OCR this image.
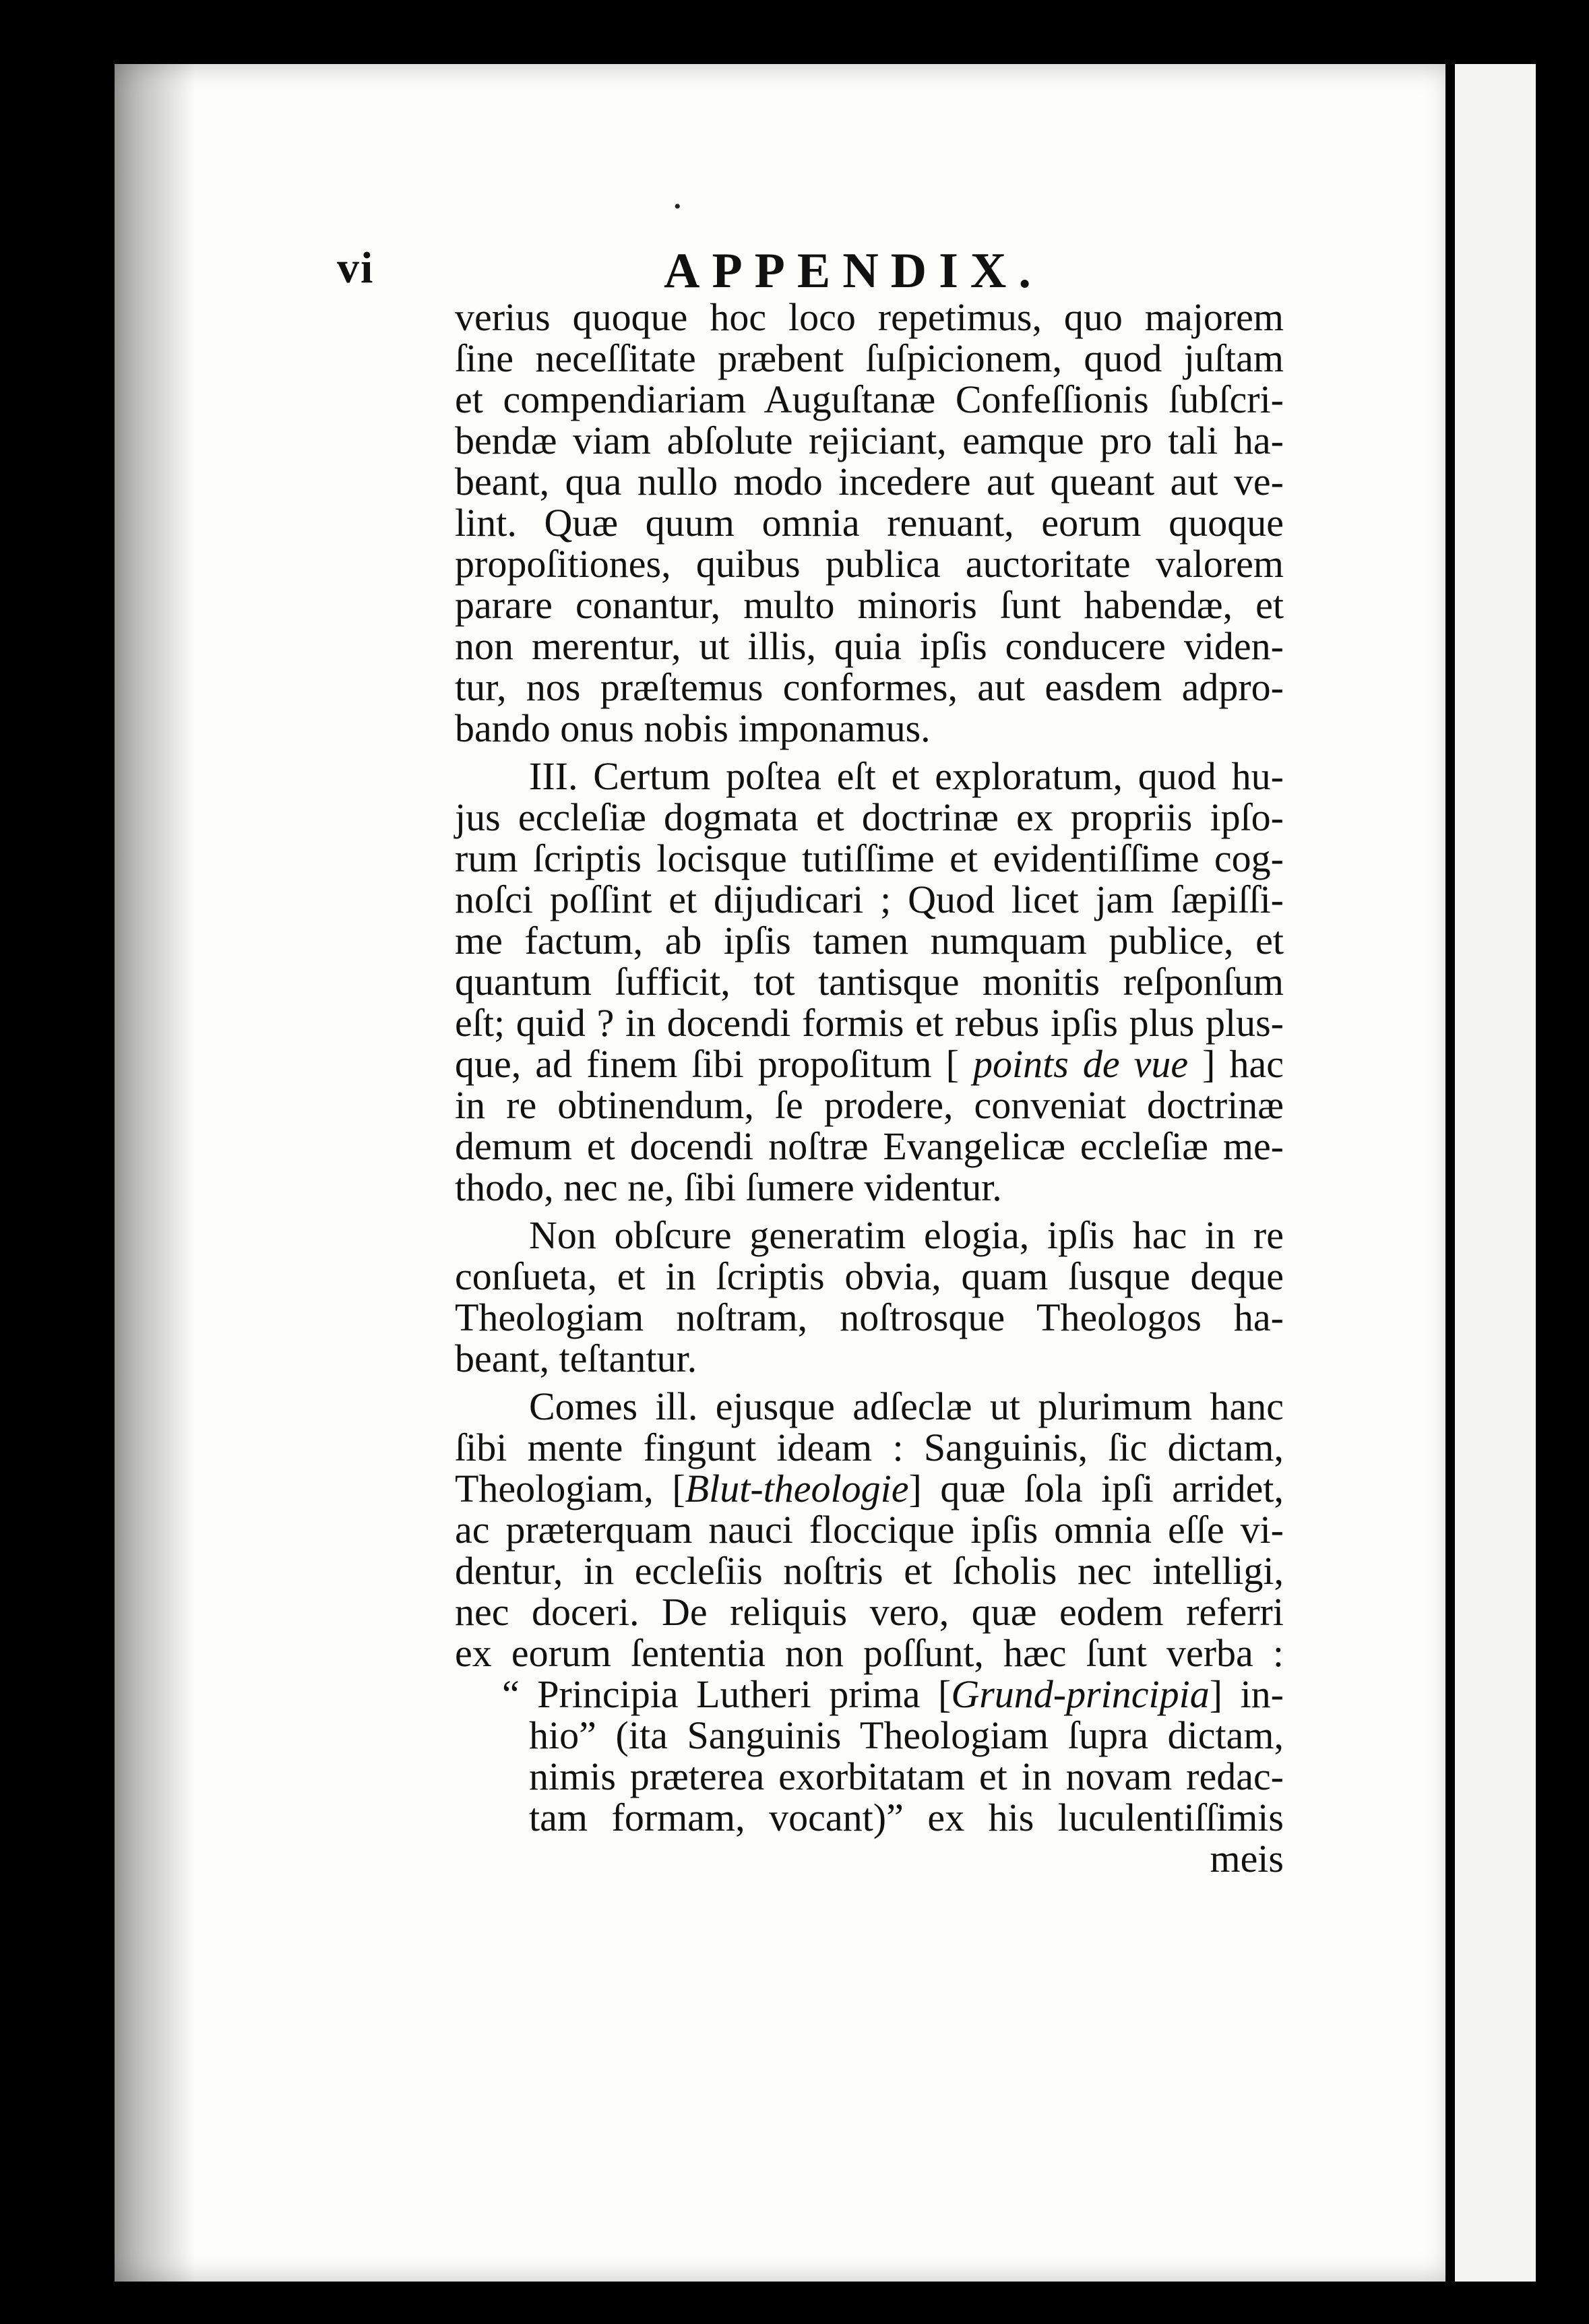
•
vi	APPENDIX.
verius quoque hoc loco repetimus, quo majorem
ſine neceſſitate præbent ſuſpicionem, quod juſtam
et compendiariam Auguſtanæ Confeſſionis ſubſcri-
bendæ viam abſolute rejiciant, eamque pro tali ha-
beant, qua nullo modo incedere aut queant aut ve-
lint. Quæ quum omnia renuant, eorum quoque
propoſitiones, quibus publica auctoritate valorem
parare conantur, multo minoris ſunt habendæ, et
non merentur, ut illis, quia ipſis conducere viden-
tur, nos præſtemus conformes, aut easdem adpro-
bando onus nobis imponamus.
III. Certum poſtea eſt et exploratum, quod hu-
jus eccleſiæ dogmata et doctrinæ ex propriis ipſo-
rum ſcriptis locisque tutiſſime et evidentiſſime cog-
noſci poſſint et dijudicari ; Quod licet jam ſæpiſſi-
me factum, ab ipſis tamen numquam publice, et
quantum ſufficit, tot tantisque monitis reſponſum
eſt; quid ? in docendi formis et rebus ipſis plus plus-
que, ad finem ſibi propoſitum [ points de vue ] hac
in re obtinendum, ſe prodere, conveniat doctrinæ
demum et docendi noſtræ Evangelicæ eccleſiæ me-
thodo, nec ne, ſibi ſumere videntur.
Non obſcure generatim elogia, ipſis hac in re
conſueta, et in ſcriptis obvia, quam ſusque deque
Theologiam noſtram, noſtrosque Theologos ha-
beant, teſtantur.
Comes ill. ejusque adſeclæ ut plurimum hanc
ſibi mente fingunt ideam : Sanguinis, ſic dictam,
Theologiam, [Blut-theologie] quæ ſola ipſi arridet,
ac præterquam nauci floccique ipſis omnia eſſe vi-
dentur, in eccleſiis noſtris et ſcholis nec intelligi,
nec doceri. De reliquis vero, quæ eodem referri
ex eorum ſententia non poſſunt, hæc ſunt verba :
“ Principia Lutheri prima [Grund-principia] in-
hio” (ita Sanguinis Theologiam ſupra dictam,
nimis præterea exorbitatam et in novam redac-
tam formam, vocant)” ex his luculentiſſimis
meis
